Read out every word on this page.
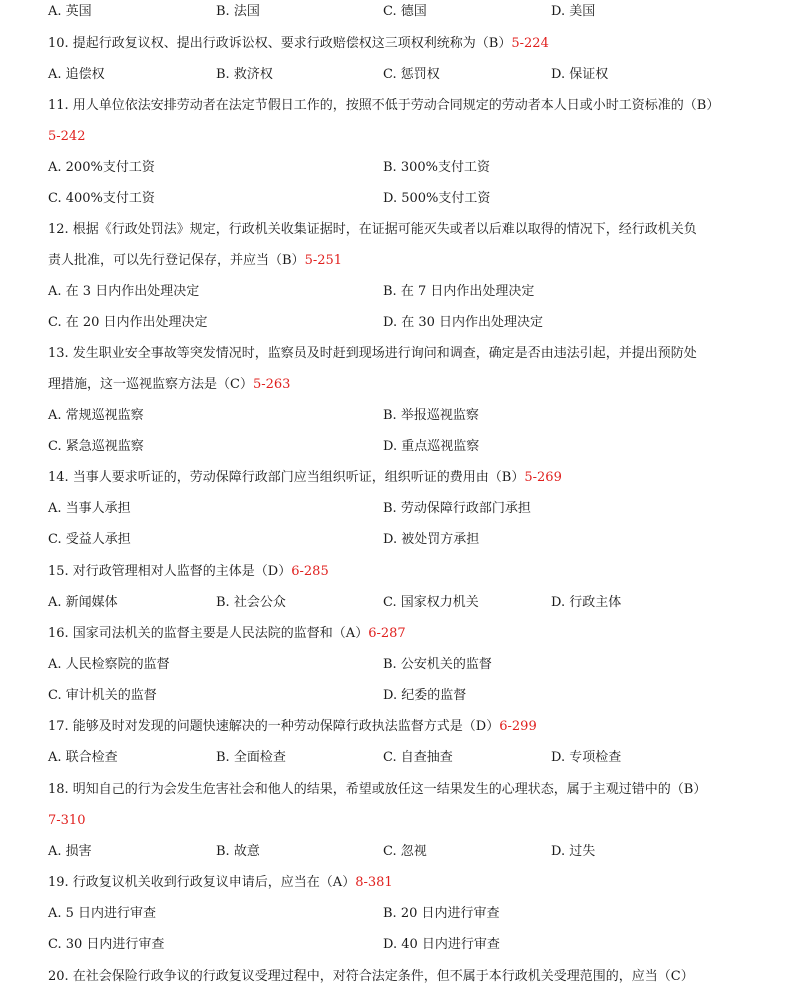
A. 英国	B. 法国	C. 德国	D. 美国
10. 提起行政复议权、提出行政诉讼权、要求行政赔偿权这三项权利统称为（B）5-224
A. 追偿权	B. 救济权	C. 惩罚权	D. 保证权
11. 用人单位依法安排劳动者在法定节假日工作的，按照不低于劳动合同规定的劳动者本人日或小时工资标准的（B）
5-242
A. 200%支付工资	B. 300%支付工资
C. 400%支付工资	D. 500%支付工资
12. 根据《行政处罚法》规定，行政机关收集证据时，在证据可能灭失或者以后难以取得的情况下，经行政机关负
责人批准，可以先行登记保存，并应当（B）5-251
A. 在 3 日内作出处理决定	B. 在 7 日内作出处理决定
C. 在 20 日内作出处理决定	D. 在 30 日内作出处理决定
13. 发生职业安全事故等突发情况时，监察员及时赶到现场进行询问和调查，确定是否由违法引起，并提出预防处
理措施，这一巡视监察方法是（C）5-263
A. 常规巡视监察	B. 举报巡视监察
C. 紧急巡视监察	D. 重点巡视监察
14. 当事人要求听证的，劳动保障行政部门应当组织听证，组织听证的费用由（B）5-269
A. 当事人承担	B. 劳动保障行政部门承担
C. 受益人承担	D. 被处罚方承担
15. 对行政管理相对人监督的主体是（D）6-285
A. 新闻媒体	B. 社会公众	C. 国家权力机关	D. 行政主体
16. 国家司法机关的监督主要是人民法院的监督和（A）6-287
A. 人民检察院的监督	B. 公安机关的监督
C. 审计机关的监督	D. 纪委的监督
17. 能够及时对发现的问题快速解决的一种劳动保障行政执法监督方式是（D）6-299
A. 联合检查	B. 全面检查	C. 自查抽查	D. 专项检查
18. 明知自己的行为会发生危害社会和他人的结果，希望或放任这一结果发生的心理状态，属于主观过错中的（B）
7-310
A. 损害	B. 故意	C. 忽视	D. 过失
19. 行政复议机关收到行政复议申请后，应当在（A）8-381
A. 5 日内进行审查	B. 20 日内进行审查
C. 30 日内进行审查	D. 40 日内进行审查
20. 在社会保险行政争议的行政复议受理过程中，对符合法定条件，但不属于本行政机关受理范围的，应当（C）
